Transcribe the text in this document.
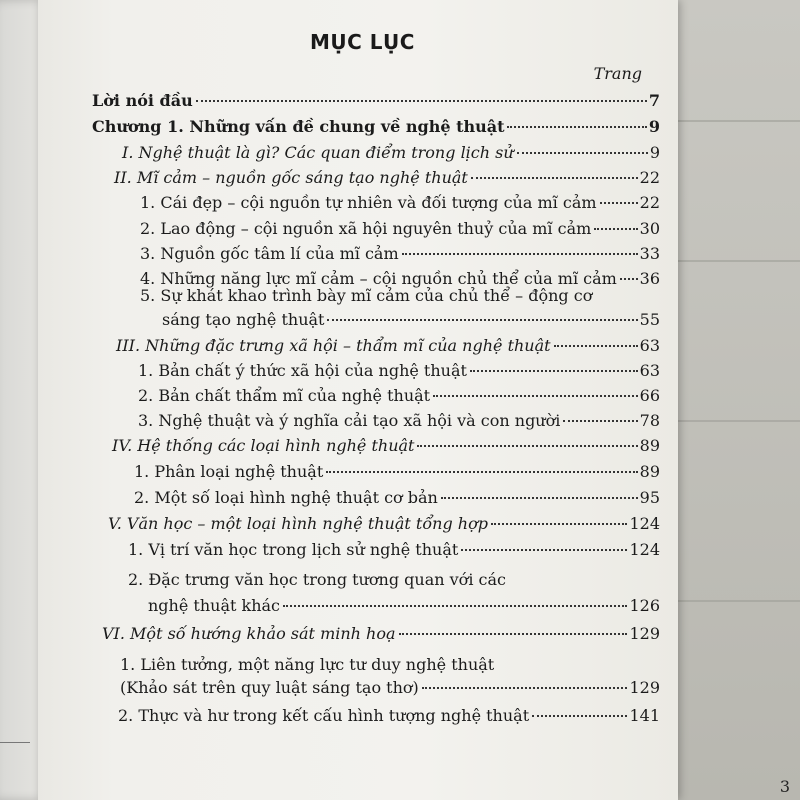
MỤC LỤC
Trang
Lời nói đầu	7
Chương 1. Những vấn đề chung về nghệ thuật	9
I. Nghệ thuật là gì? Các quan điểm trong lịch sử	9
II. Mĩ cảm – nguồn gốc sáng tạo nghệ thuật	22
1. Cái đẹp – cội nguồn tự nhiên và đối tượng của mĩ cảm	22
2. Lao động – cội nguồn xã hội nguyên thuỷ của mĩ cảm	30
3. Nguồn gốc tâm lí của mĩ cảm	33
4. Những năng lực mĩ cảm – cội nguồn chủ thể của mĩ cảm 36
5. Sự khát khao trình bày mĩ cảm của chủ thể – động cơ
sáng tạo nghệ thuật	55
III. Những đặc trưng xã hội – thẩm mĩ của nghệ thuật	63
1. Bản chất ý thức xã hội của nghệ thuật	63
2. Bản chất thẩm mĩ của nghệ thuật	66
3. Nghệ thuật và ý nghĩa cải tạo xã hội và con người	78
IV. Hệ thống các loại hình nghệ thuật	89
1. Phân loại nghệ thuật	89
2. Một số loại hình nghệ thuật cơ bản	95
V. Văn học – một loại hình nghệ thuật tổng hợp	124
1. Vị trí văn học trong lịch sử nghệ thuật	124
2. Đặc trưng văn học trong tương quan với các
nghệ thuật khác	126
VI. Một số hướng khảo sát minh hoạ	129
1. Liên tưởng, một năng lực tư duy nghệ thuật
(Khảo sát trên quy luật sáng tạo thơ)	129
2. Thực và hư trong kết cấu hình tượng nghệ thuật	141
3
